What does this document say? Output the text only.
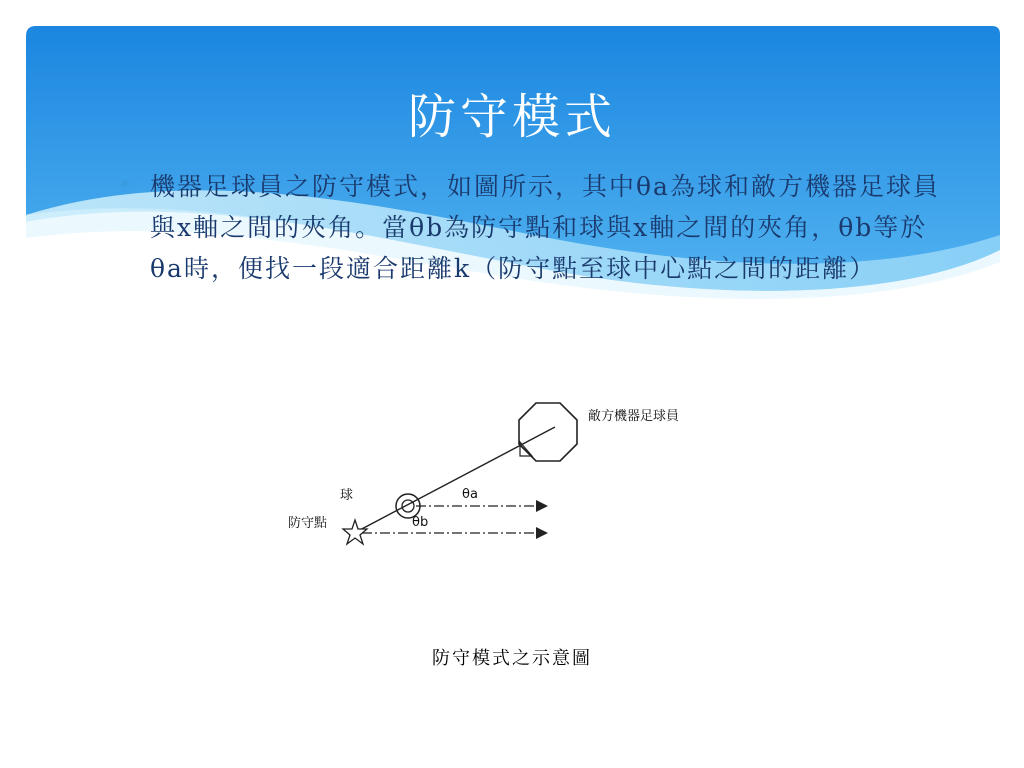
防守模式
✶ 機器足球員之防守模式，如圖所示，其中θa為球和敵方機器足球員與x軸之間的夾角。當θb為防守點和球與x軸之間的夾角，θb等於θa時，便找一段適合距離k（防守點至球中心點之間的距離）

敵方機器足球員
球	θa
θb
防守點
防守模式之示意圖
